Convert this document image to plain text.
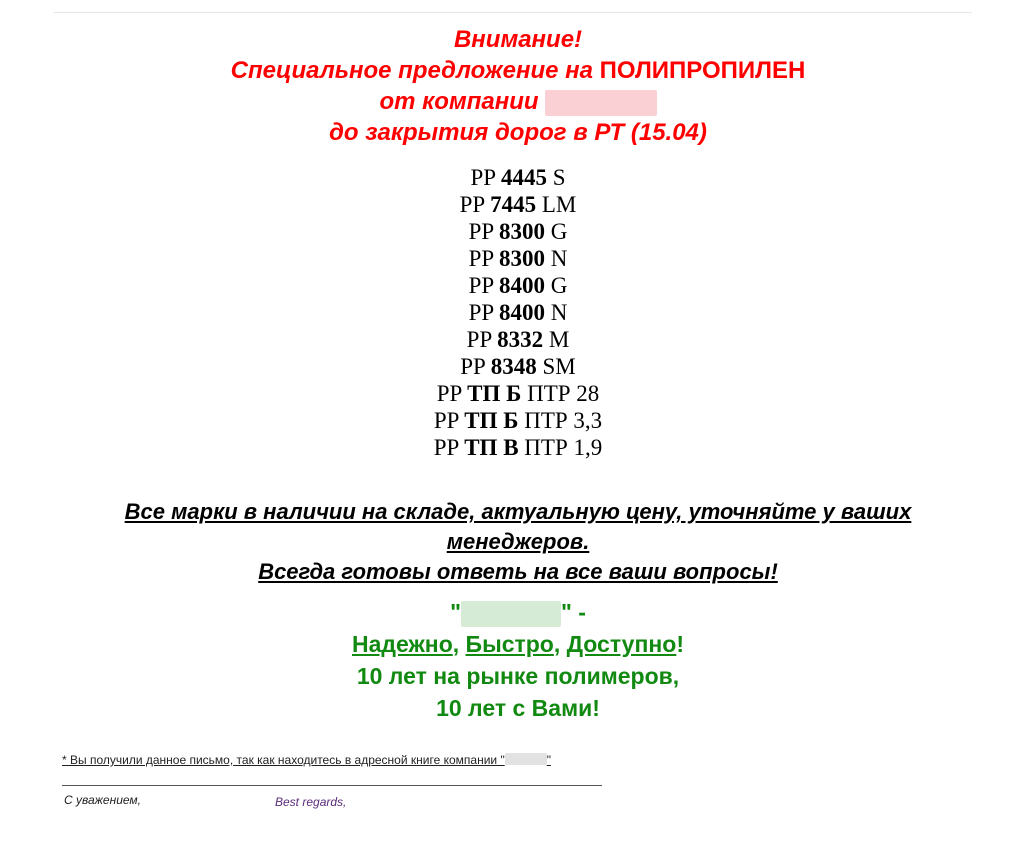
Внимание!
Специальное предложение на ПОЛИПРОПИЛЕН
от компании
до закрытия дорог в РТ (15.04)
PP 4445 S
PP 7445 LM
PP 8300 G
PP 8300 N
PP 8400 G
PP 8400 N
PP 8332 M
PP 8348 SM
PP ТП Б ПТР 28
PP ТП Б ПТР 3,3
PP ТП В ПТР 1,9
Все марки в наличии на складе, актуальную цену, уточняйте у ваших менеджеров.
Всегда готовы ответь на все ваши вопросы!
"	" -
Надежно, Быстро, Доступно!
10 лет на рынке полимеров,
10 лет с Вами!
* Вы получили данное письмо, так как находитесь в адресной книге компании "	"
С уважением,	Best regards,
